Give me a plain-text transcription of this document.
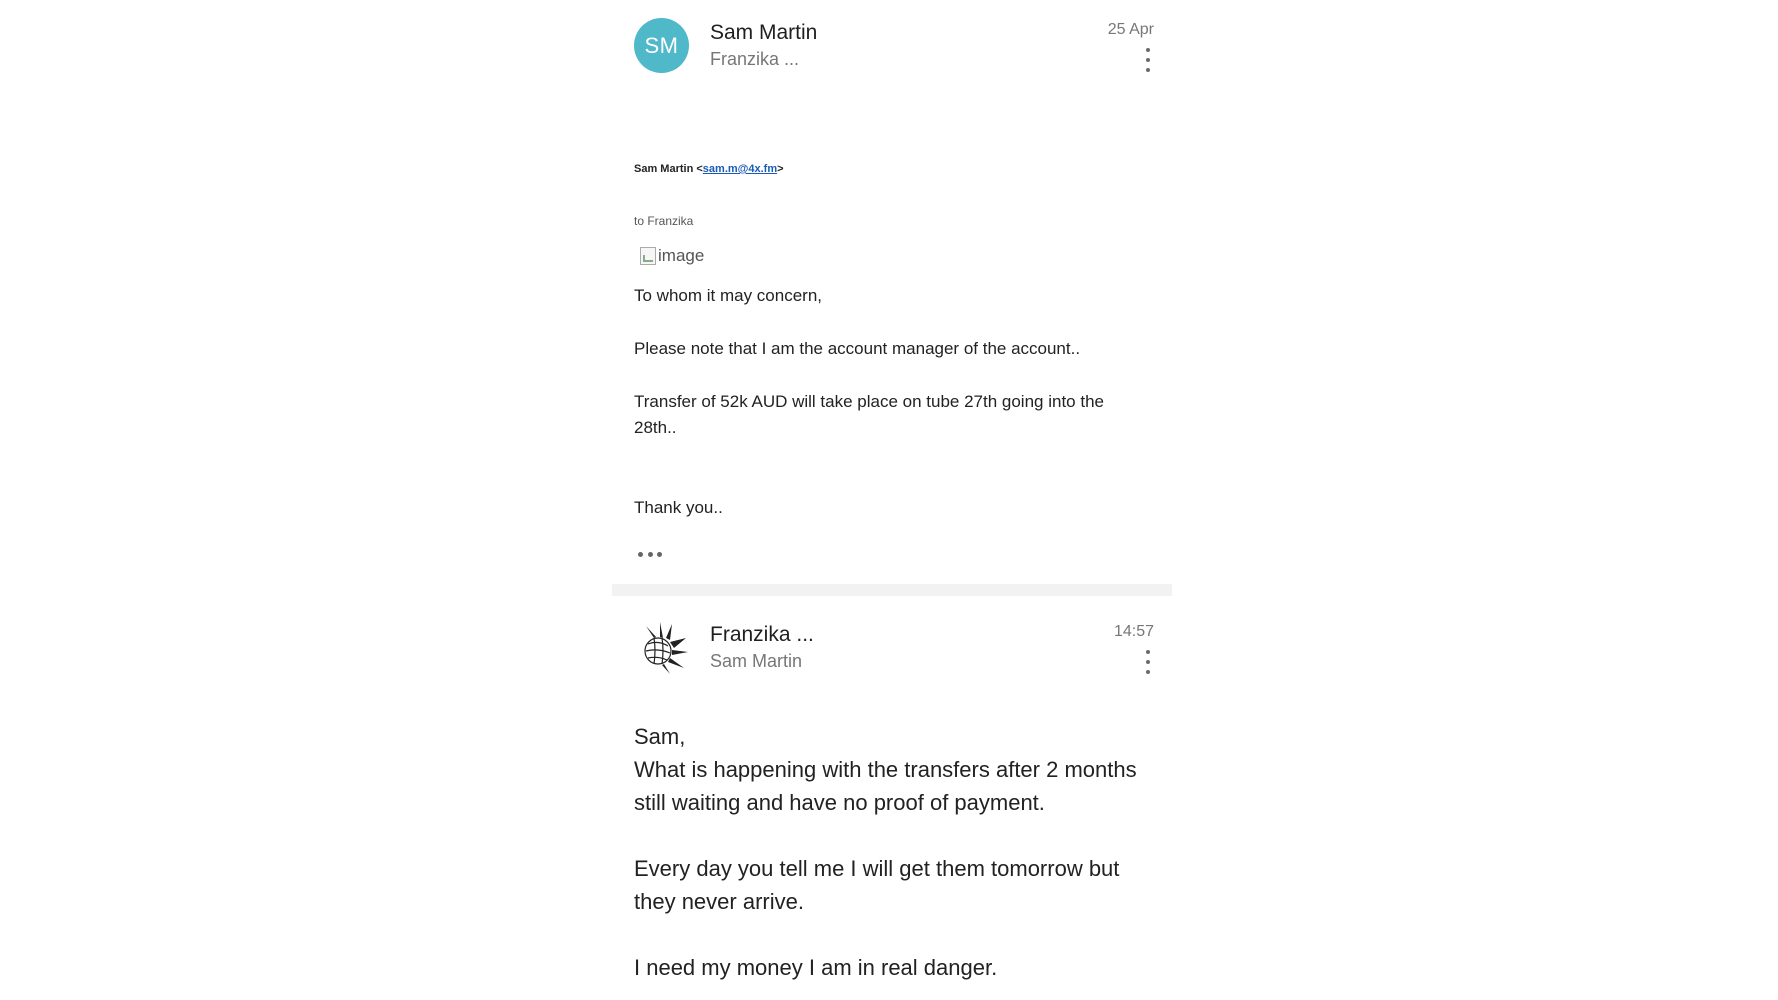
SM	Sam Martin
Franzika ...
25 Apr
Sam Martin <sam.m@4x.fm>
to Franzika
image
To whom it may concern,
Please note that I am the account manager of the account..
Transfer of 52k AUD will take place on tube 27th going into the
28th..
Thank you..
Franzika ...
Sam Martin
14:57
Sam,
What is happening with the transfers after 2 months
still waiting and have no proof of payment.
Every day you tell me I will get them tomorrow but
they never arrive.
I need my money I am in real danger.
